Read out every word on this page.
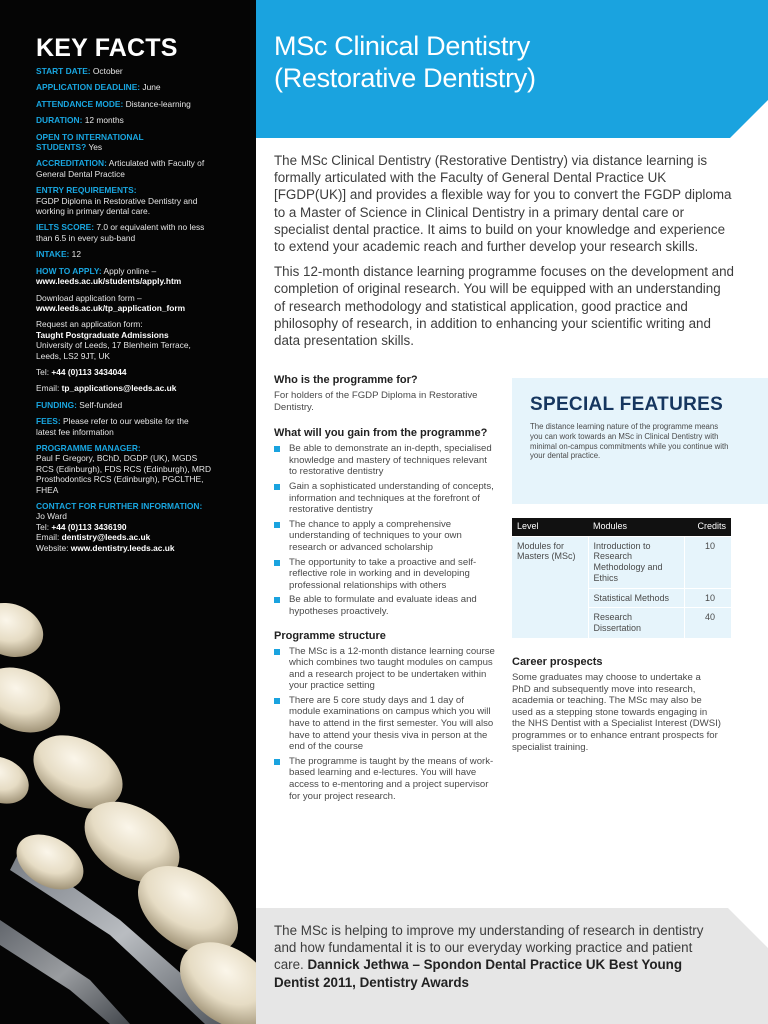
KEY FACTS
START DATE: October
APPLICATION DEADLINE: June
ATTENDANCE MODE: Distance-learning
DURATION: 12 months
OPEN TO INTERNATIONAL
STUDENTS? Yes
ACCREDITATION: Articulated with Faculty of
General Dental Practice
ENTRY REQUIREMENTS:
FGDP Diploma in Restorative Dentistry and
working in primary dental care.
IELTS SCORE: 7.0 or equivalent with no less
than 6.5 in every sub-band
INTAKE: 12
HOW TO APPLY: Apply online –
www.leeds.ac.uk/students/apply.htm
Download application form –
www.leeds.ac.uk/tp_application_form
Request an application form:
Taught Postgraduate Admissions
University of Leeds, 17 Blenheim Terrace,
Leeds, LS2 9JT, UK
Tel: +44 (0)113 3434044
Email: tp_applications@leeds.ac.uk
FUNDING: Self-funded
FEES: Please refer to our website for the
latest fee information
PROGRAMME MANAGER:
Paul F Gregory, BChD, DGDP (UK), MGDS
RCS (Edinburgh), FDS RCS (Edinburgh), MRD
Prosthodontics RCS (Edinburgh), PGCLTHE,
FHEA
CONTACT FOR FURTHER INFORMATION:
Jo Ward
Tel: +44 (0)113 3436190
Email: dentistry@leeds.ac.uk
Website: www.dentistry.leeds.ac.uk
MSc Clinical Dentistry
(Restorative Dentistry)

The MSc Clinical Dentistry (Restorative Dentistry) via distance learning is formally articulated with the Faculty of General Dental Practice UK [FGDP(UK)] and provides a flexible way for you to convert the FGDP diploma to a Master of Science in Clinical Dentistry in a primary dental care or specialist dental practice. It aims to build on your knowledge and experience to extend your academic reach and further develop your research skills.

This 12-month distance learning programme focuses on the development and completion of original research. You will be equipped with an understanding of research methodology and statistical application, good practice and philosophy of research, in addition to enhancing your scientific writing and data presentation skills.

Who is the programme for?
For holders of the FGDP Diploma in Restorative Dentistry.
What will you gain from the programme?
Be able to demonstrate an in-depth, specialised knowledge and mastery of techniques relevant to restorative dentistry
Gain a sophisticated understanding of concepts, information and techniques at the forefront of restorative dentistry
The chance to apply a comprehensive understanding of techniques to your own research or advanced scholarship
The opportunity to take a proactive and self-reflective role in working and in developing professional relationships with others
Be able to formulate and evaluate ideas and hypotheses proactively.
Programme structure
The MSc is a 12-month distance learning course which combines two taught modules on campus and a research project to be undertaken within your practice setting
There are 5 core study days and 1 day of module examinations on campus which you will have to attend in the first semester. You will also have to attend your thesis viva in person at the end of the course
The programme is taught by the means of work-based learning and e-lectures. You will have access to e-mentoring and a project supervisor for your project research.
SPECIAL FEATURES
The distance learning nature of the programme means you can work towards an MSc in Clinical Dentistry with minimal on-campus commitments while you continue with your dental practice.
Level	Modules	Credits
Modules for Masters (MSc)	Introduction to Research Methodology and Ethics	10
	Statistical Methods	10
	Research Dissertation	40
Career prospects
Some graduates may choose to undertake a PhD and subsequently move into research, academia or teaching. The MSc may also be used as a stepping stone towards engaging in the NHS Dentist with a Specialist Interest (DWSI) programmes or to enhance entrant prospects for specialist training.
The MSc is helping to improve my understanding of research in dentistry and how fundamental it is to our everyday working practice and patient care. Dannick Jethwa – Spondon Dental Practice UK Best Young Dentist 2011, Dentistry Awards
